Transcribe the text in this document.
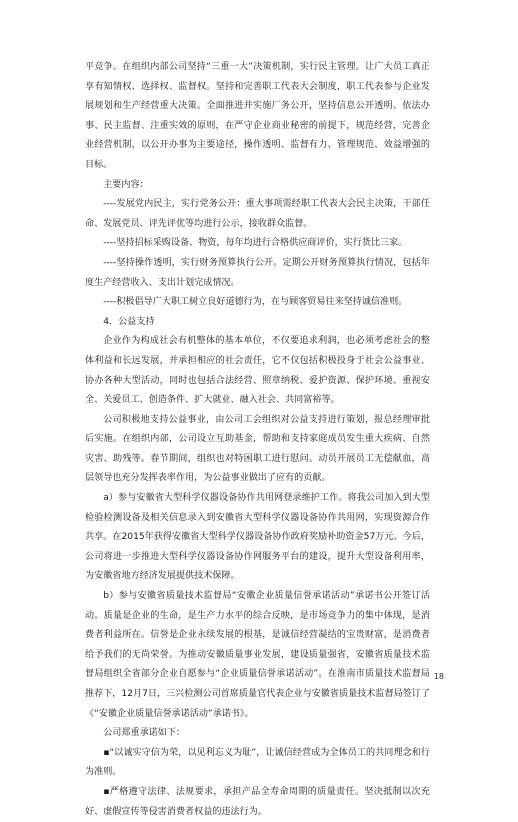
平竞争。在组织内部公司坚持“三重一大”决策机制，实行民主管理。让广大员工真正享有知情权、选择权、监督权。坚持和完善职工代表大会制度，职工代表参与企业发展规划和生产经营重大决策。全面推进并实施厂务公开，坚持信息公开透明、依法办事、民主监督、注重实效的原则，在严守企业商业秘密的前提下，规范经营，完善企业经营机制，以公开办事为主要途径，操作透明、监督有力、管理规范、效益增强的目标。

主要内容：

----发展党内民主，实行党务公开：重大事项需经职工代表大会民主决策，干部任命、发展党员、评先评优等均进行公示，接收群众监督。

----坚持招标采购设备、物资，每年均进行合格供应商评价，实行货比三家。

----坚持操作透明，实行财务预算执行公开。定期公开财务预算执行情况，包括年度生产经营收入、支出计划完成情况。

----积极倡导广大职工树立良好道德行为，在与顾客贸易往来坚持诚信准则。

4．公益支持

企业作为构成社会有机整体的基本单位，不仅要追求利润，也必须考虑社会的整体利益和长远发展，并承担相应的社会责任，它不仅包括积极投身于社会公益事业、协办各种大型活动，同时也包括合法经营、照章纳税、爱护资源、保护环境、重视安全、关爱员工、创造条件、扩大就业、融入社会、共同富裕等。

公司积极地支持公益事业，由公司工会组织对公益支持进行策划，报总经理审批后实施。在组织内部，公司设立互助基金，帮助和支持家庭成员发生重大疾病、自然灾害、助残等。春节期间，组织也对特困职工进行慰问。动员开展员工无偿献血，高层领导也充分发挥表率作用，为公益事业做出了应有的贡献。

a）参与安徽省大型科学仪器设备协作共用网登录维护工作。将我公司加入到大型检验检测设备及相关信息录入到安徽省大型科学仪器设备协作共用网，实现资源合作共享。在2015年获得安徽省大型科学仪器设备协作政府奖励补助资金57万元。今后，公司将进一步推进大型科学仪器设备协作网服务平台的建设，提升大型设备利用率，为安徽省地方经济发展提供技术保障。

b）参与安徽省质量技术监督局“安徽企业质量信誉承诺活动”承诺书公开签订活动。质量是企业的生命，是生产力水平的综合反映，是市场竞争力的集中体现，是消费者利益所在。信誉是企业永续发展的根基，是诚信经营凝结的宝贵财富，是消费者给予我们的无尚荣誉。为推动安徽质量事业发展，建设质量强省，安徽省质量技术监督局组织全省部分企业自愿参与“企业质量信誉承诺活动”。在淮南市质量技术监督局推荐下，12月7日，三兴检测公司首席质量官代表企业与安徽省质量技术监督局签订了《“安徽企业质量信誉承诺活动”承诺书》。

公司郑重承诺如下：

▪“以诚实守信为荣，以见利忘义为耻”，让诚信经营成为全体员工的共同理念和行为准则。

▪严格遵守法律、法规要求，承担产品全寿命周期的质量责任。坚决抵制以次充好、虚假宣传等侵害消费者权益的违法行为。

18
